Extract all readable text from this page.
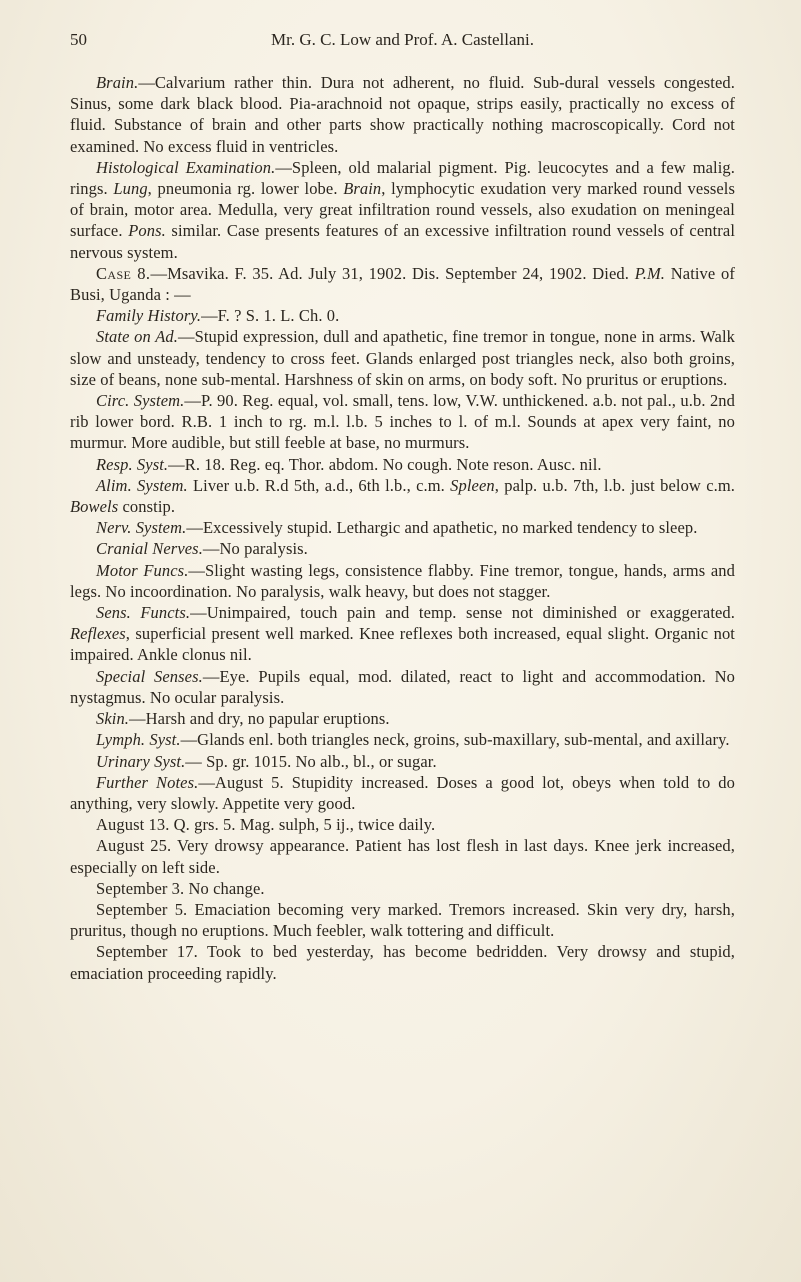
50	Mr. G. C. Low and Prof. A. Castellani.

Brain.—Calvarium rather thin. Dura not adherent, no fluid. Sub-dural vessels congested. Sinus, some dark black blood. Pia-arachnoid not opaque, strips easily, practically no excess of fluid. Substance of brain and other parts show practically nothing macroscopically. Cord not examined. No excess fluid in ventricles.

Histological Examination.—Spleen, old malarial pigment. Pig. leucocytes and a few malig. rings. Lung, pneumonia rg. lower lobe. Brain, lymphocytic exudation very marked round vessels of brain, motor area. Medulla, very great infiltration round vessels, also exudation on meningeal surface. Pons. similar. Case presents features of an excessive infiltration round vessels of central nervous system.

Case 8.—Msavika. F. 35. Ad. July 31, 1902. Dis. September 24, 1902. Died. P.M. Native of Busi, Uganda : —

Family History.—F. ? S. 1. L. Ch. 0.

State on Ad.—Stupid expression, dull and apathetic, fine tremor in tongue, none in arms. Walk slow and unsteady, tendency to cross feet. Glands enlarged post triangles neck, also both groins, size of beans, none sub-mental. Harshness of skin on arms, on body soft. No pruritus or eruptions.

Circ. System.—P. 90. Reg. equal, vol. small, tens. low, V.W. unthickened. a.b. not pal., u.b. 2nd rib lower bord. R.B. 1 inch to rg. m.l. l.b. 5 inches to l. of m.l. Sounds at apex very faint, no murmur. More audible, but still feeble at base, no murmurs.

Resp. Syst.—R. 18. Reg. eq. Thor. abdom. No cough. Note reson. Ausc. nil.

Alim. System. Liver u.b. R.d 5th, a.d., 6th l.b., c.m. Spleen, palp. u.b. 7th, l.b. just below c.m. Bowels constip.

Nerv. System.—Excessively stupid. Lethargic and apathetic, no marked tendency to sleep.

Cranial Nerves.—No paralysis.

Motor Funcs.—Slight wasting legs, consistence flabby. Fine tremor, tongue, hands, arms and legs. No incoordination. No paralysis, walk heavy, but does not stagger.

Sens. Functs.—Unimpaired, touch pain and temp. sense not diminished or exaggerated. Reflexes, superficial present well marked. Knee reflexes both increased, equal slight. Organic not impaired. Ankle clonus nil.

Special Senses.—Eye. Pupils equal, mod. dilated, react to light and accommodation. No nystagmus. No ocular paralysis.

Skin.—Harsh and dry, no papular eruptions.

Lymph. Syst.—Glands enl. both triangles neck, groins, sub-maxillary, sub-mental, and axillary.

Urinary Syst.— Sp. gr. 1015. No alb., bl., or sugar.

Further Notes.—August 5. Stupidity increased. Doses a good lot, obeys when told to do anything, very slowly. Appetite very good.

August 13. Q. grs. 5. Mag. sulph, 5 ij., twice daily.

August 25. Very drowsy appearance. Patient has lost flesh in last days. Knee jerk increased, especially on left side.

September 3. No change.

September 5. Emaciation becoming very marked. Tremors increased. Skin very dry, harsh, pruritus, though no eruptions. Much feebler, walk tottering and difficult.

September 17. Took to bed yesterday, has become bedridden. Very drowsy and stupid, emaciation proceeding rapidly.
